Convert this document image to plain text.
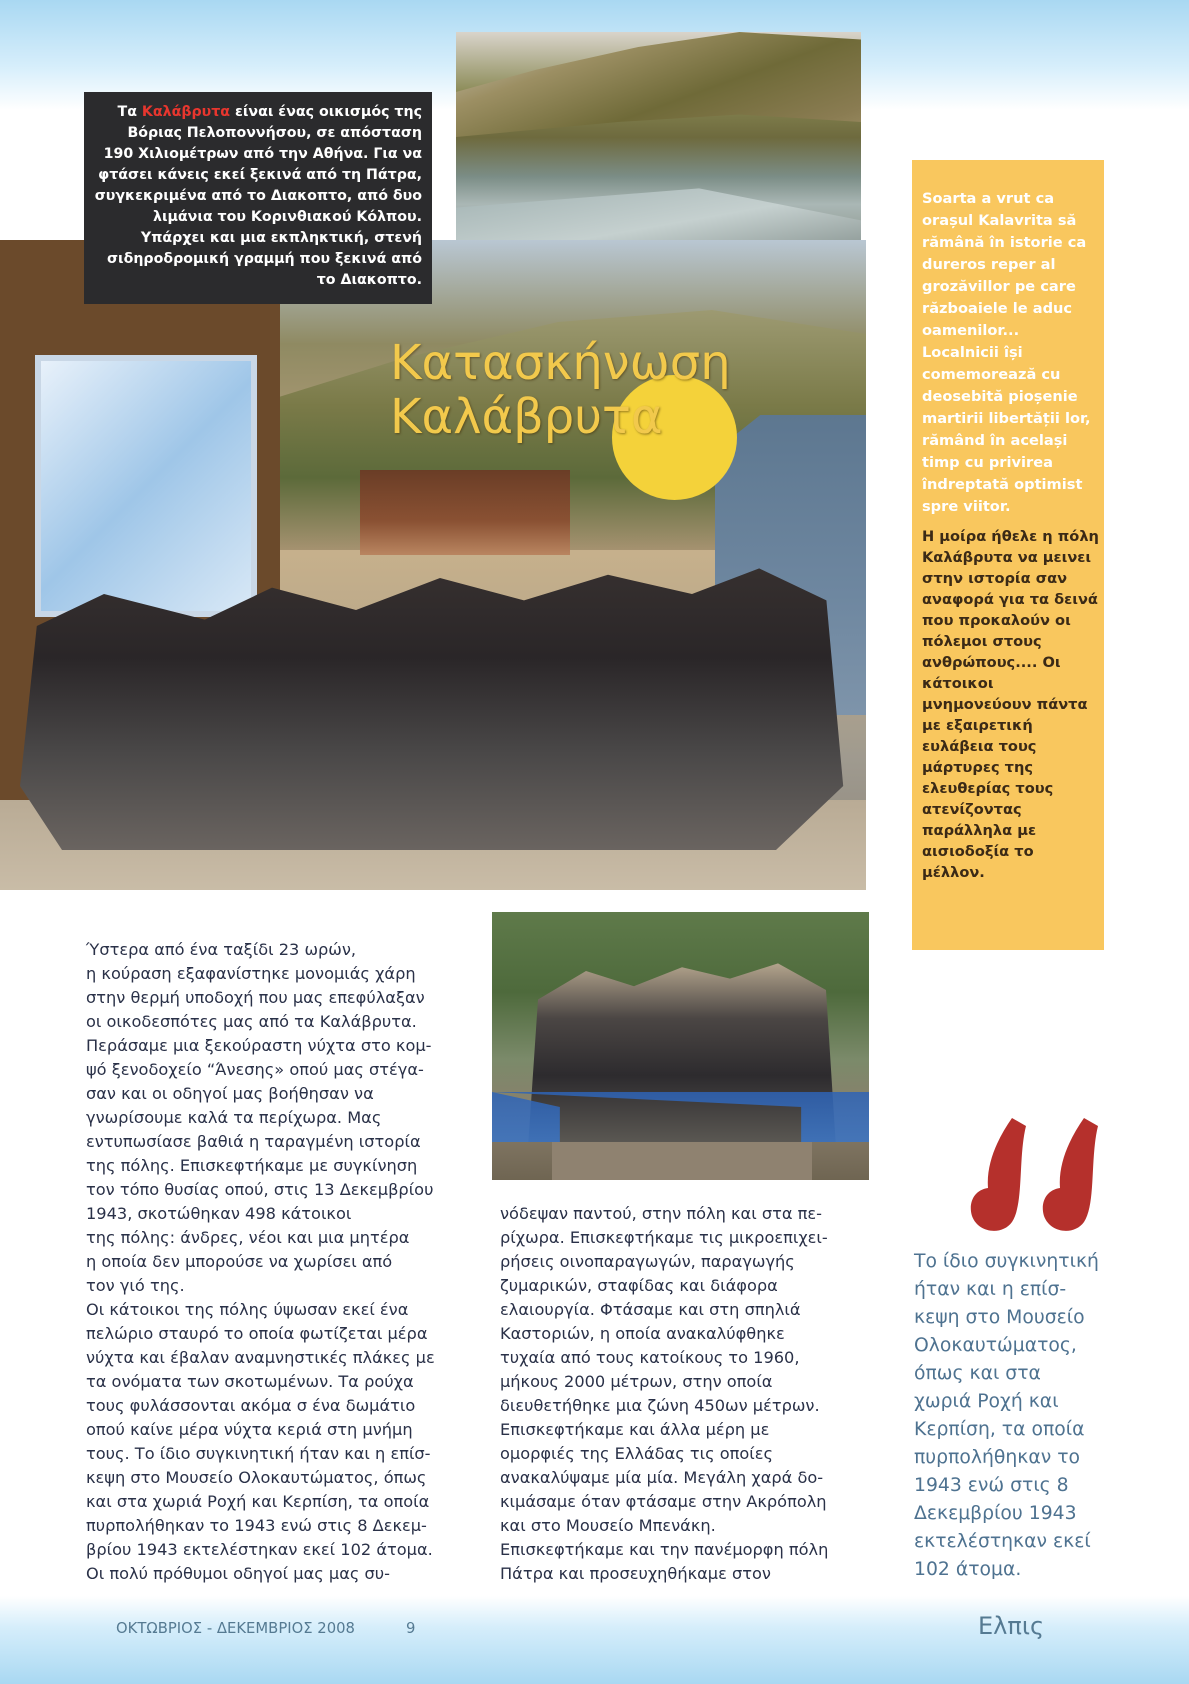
Τα Καλάβρυτα είναι ένας οικισμός της Βόριας Πελοποννήσου, σε απόσταση 190 Χιλιομέτρων από την Αθήνα. Για να φτάσει κάνεις εκεί ξεκινά από τη Πάτρα, συγκεκριμένα από το Διακοπτο, από δυο λιμάνια του Κορινθιακού Κόλπου. Υπάρχει και μια εκπληκτική, στενή σιδηροδρομική γραμμή που ξεκινά από το Διακοπτο.
Κατασκήνωση
Καλάβρυτα
Soarta a vrut ca orașul Kalavrita să rămână în istorie ca dureros reper al grozăvillor pe care războaiele le aduc oamenilor... Localnicii își comemorează cu deosebită pioșenie martirii libertății lor, rămând în același timp cu privirea îndreptată optimist spre viitor.
Η μοίρα ήθελε η πόλη Καλάβρυτα να μεινει στην ιστορία σαν αναφορά για τα δεινά που προκαλούν οι πόλεμοι στους ανθρώπους.... Οι κάτοικοι μνημονεύουν πάντα με εξαιρετική ευλάβεια τους μάρτυρες της ελευθερίας τους ατενίζοντας παράλληλα με αισιοδοξία το μέλλον.
Ύστερα από ένα ταξίδι 23 ωρών,
η κούραση εξαφανίστηκε μονομιάς χάρη
στην θερμή υποδοχή που μας επεφύλαξαν
οι οικοδεσπότες μας από τα Καλάβρυτα.
Περάσαμε μια ξεκούραστη νύχτα στο κομ-
ψό ξενοδοχείο “Άνεσης» οπού μας στέγα-
σαν και οι οδηγοί μας βοήθησαν να
γνωρίσουμε καλά τα περίχωρα. Μας
εντυπωσίασε βαθιά η ταραγμένη ιστορία
της πόλης. Επισκεφτήκαμε με συγκίνηση
τον τόπο θυσίας οπού, στις 13 Δεκεμβρίου
1943, σκοτώθηκαν 498 κάτοικοι
της πόλης: άνδρες, νέοι και μια μητέρα
η οποία δεν μπορούσε να χωρίσει από
τον γιό της.
Οι κάτοικοι της πόλης ύψωσαν εκεί ένα
πελώριο σταυρό το οποία φωτίζεται μέρα
νύχτα και έβαλαν αναμνηστικές πλάκες με
τα ονόματα των σκοτωμένων. Τα ρούχα
τους φυλάσσονται ακόμα σ ένα δωμάτιο
οπού καίνε μέρα νύχτα κεριά στη μνήμη
τους. Το ίδιο συγκινητική ήταν και η επίσ-
κεψη στο Μουσείο Ολοκαυτώματος, όπως
και στα χωριά Ροχή και Κερπίση, τα οποία
πυρπολήθηκαν το 1943 ενώ στις 8 Δεκεμ-
βρίου 1943 εκτελέστηκαν εκεί 102 άτομα.
Οι πολύ πρόθυμοι οδηγοί μας μας συ-
νόδεψαν παντού, στην πόλη και στα πε-
ρίχωρα. Επισκεφτήκαμε τις μικροεπιχει-
ρήσεις οινοπαραγωγών, παραγωγής
ζυμαρικών, σταφίδας και διάφορα
ελαιουργία. Φτάσαμε και στη σπηλιά
Καστοριών, η οποία ανακαλύφθηκε
τυχαία από τους κατοίκους το 1960,
μήκους 2000 μέτρων, στην οποία
διευθετήθηκε μια ζώνη 450ων μέτρων.
Επισκεφτήκαμε και άλλα μέρη με
ομορφιές της Ελλάδας τις οποίες
ανακαλύψαμε μία μία. Μεγάλη χαρά δο-
κιμάσαμε όταν φτάσαμε στην Ακρόπολη
και στο Μουσείο Μπενάκη.
Επισκεφτήκαμε και την πανέμορφη πόλη
Πάτρα και προσευχηθήκαμε στον
Το ίδιο συγκινητική ήταν και η επίσ-κεψη στο Μουσείο Ολοκαυτώματος, όπως και στα χωριά Ροχή και Κερπίση, τα οποία πυρπολήθηκαν το 1943 ενώ στις 8 Δεκεμβρίου 1943 εκτελέστηκαν εκεί 102 άτομα.
ΟΚΤΩΒΡΙΟΣ - ΔΕΚΕΜΒΡΙΟΣ 2008	9	Ελπις
